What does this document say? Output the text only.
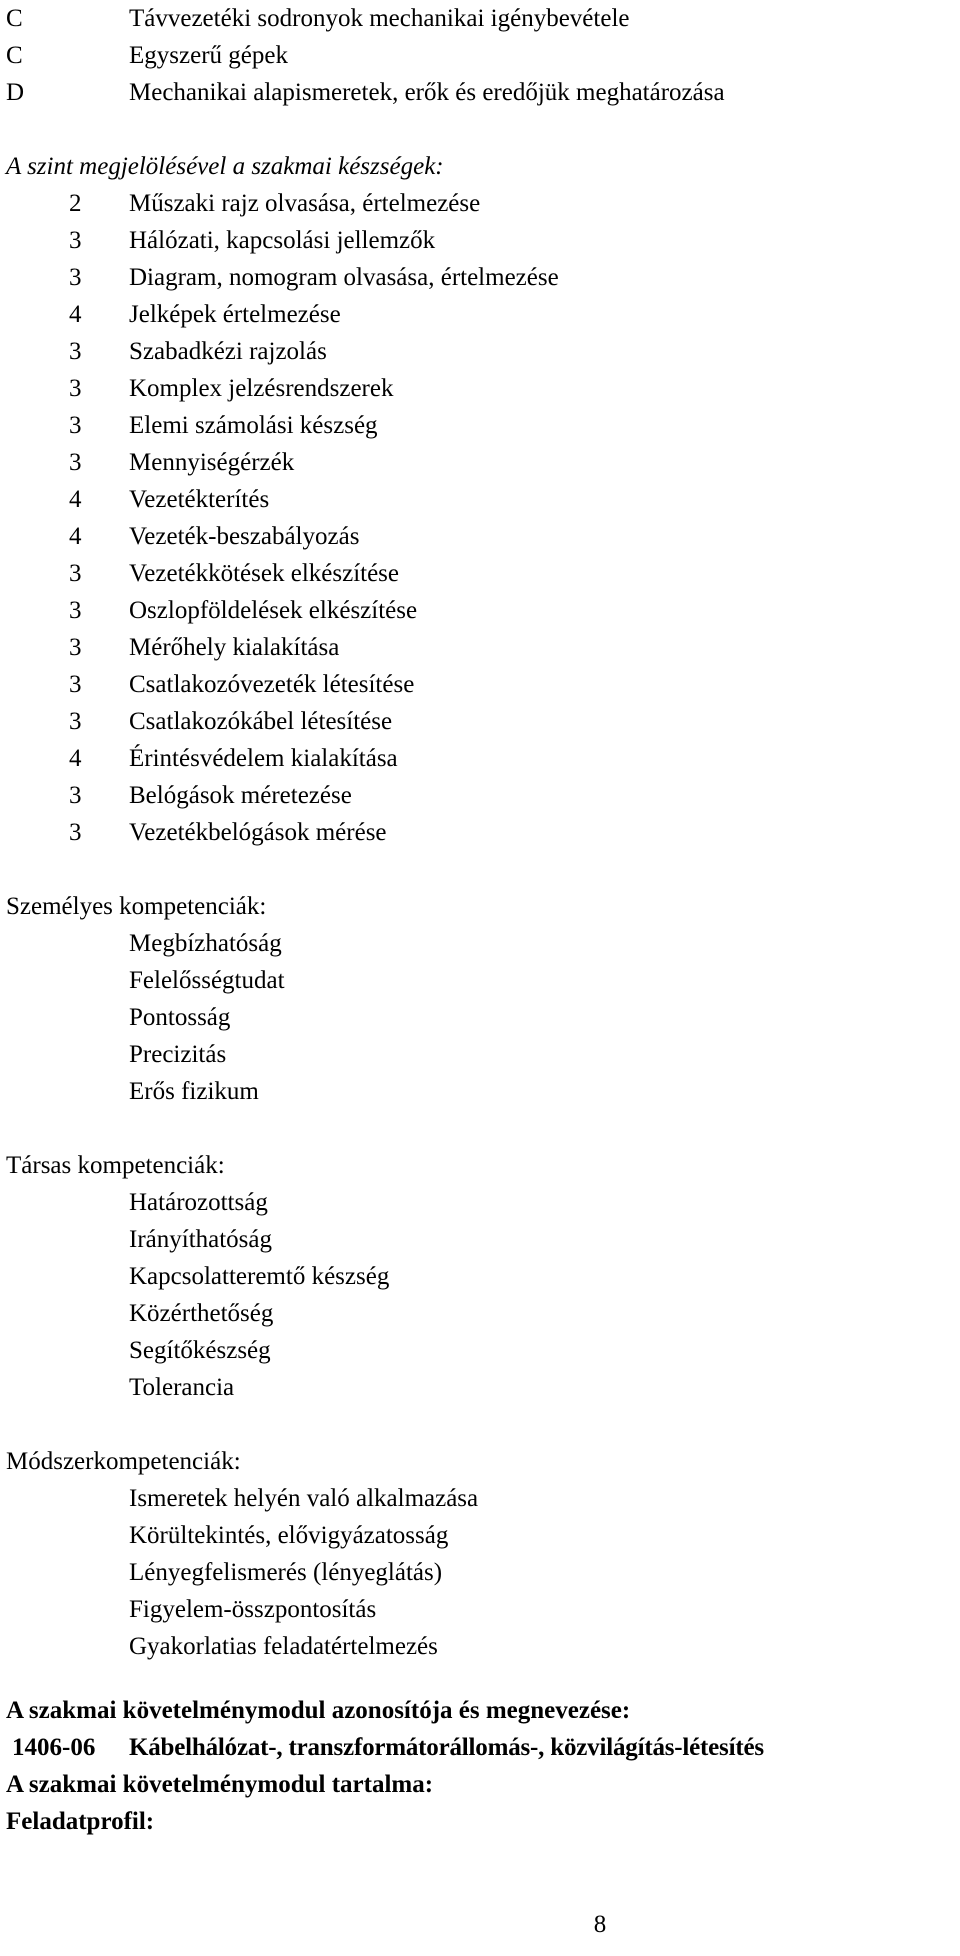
C	Távvezetéki sodronyok mechanikai igénybevétele
C	Egyszerű gépek
D	Mechanikai alapismeretek, erők és eredőjük meghatározása
A szint megjelölésével a szakmai készségek:
2	Műszaki rajz olvasása, értelmezése
3	Hálózati, kapcsolási jellemzők
3	Diagram, nomogram olvasása, értelmezése
4	Jelképek értelmezése
3	Szabadkézi rajzolás
3	Komplex jelzésrendszerek
3	Elemi számolási készség
3	Mennyiségérzék
4	Vezetékterítés
4	Vezeték-beszabályozás
3	Vezetékkötések elkészítése
3	Oszlopföldelések elkészítése
3	Mérőhely kialakítása
3	Csatlakozóvezeték létesítése
3	Csatlakozókábel létesítése
4	Érintésvédelem kialakítása
3	Belógások méretezése
3	Vezetékbelógások mérése
Személyes kompetenciák:
Megbízhatóság
Felelősségtudat
Pontosság
Precizitás
Erős fizikum
Társas kompetenciák:
Határozottság
Irányíthatóság
Kapcsolatteremtő készség
Közérthetőség
Segítőkészség
Tolerancia
Módszerkompetenciák:
Ismeretek helyén való alkalmazása
Körültekintés, elővigyázatosság
Lényegfelismerés (lényeglátás)
Figyelem-összpontosítás
Gyakorlatias feladatértelmezés
A szakmai követelménymodul azonosítója és megnevezése:
1406-06 Kábelhálózat-, transzformátorállomás-, közvilágítás-létesítés
A szakmai követelménymodul tartalma:
Feladatprofil:
8
